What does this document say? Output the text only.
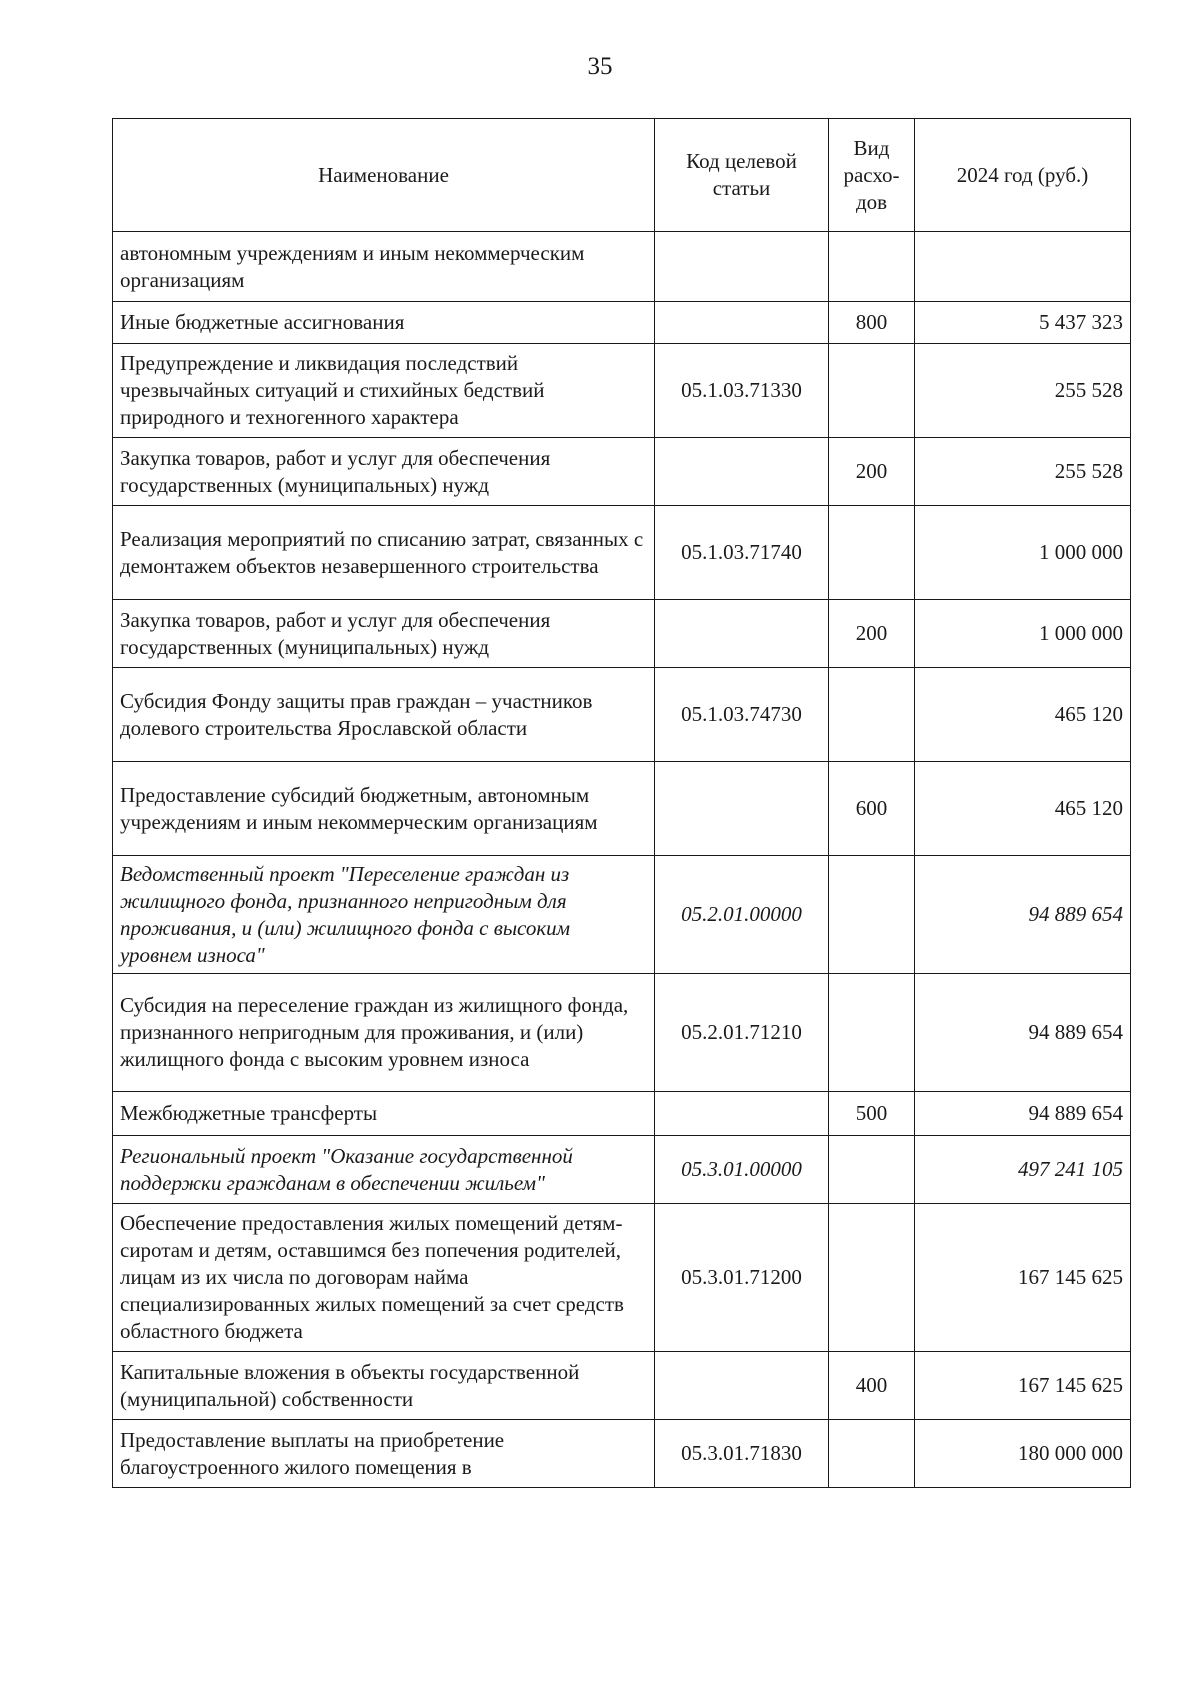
35
Наименование	Код целевой статьи	Вид расхо-дов	2024 год (руб.)
автономным учреждениям и иным некоммерческим организациям			
Иные бюджетные ассигнования		800	5 437 323
Предупреждение и ликвидация последствий чрезвычайных ситуаций и стихийных бедствий природного и техногенного характера	05.1.03.71330		255 528
Закупка товаров, работ и услуг для обеспечения государственных (муниципальных) нужд		200	255 528
Реализация мероприятий по списанию затрат, связанных с демонтажем объектов незавершенного строительства	05.1.03.71740		1 000 000
Закупка товаров, работ и услуг для обеспечения государственных (муниципальных) нужд		200	1 000 000
Субсидия Фонду защиты прав граждан – участников долевого строительства Ярославской области	05.1.03.74730		465 120
Предоставление субсидий бюджетным, автономным учреждениям и иным некоммерческим организациям		600	465 120
Ведомственный проект "Переселение граждан из жилищного фонда, признанного непригодным для проживания, и (или) жилищного фонда с высоким уровнем износа"	05.2.01.00000		94 889 654
Субсидия на переселение граждан из жилищного фонда, признанного непригодным для проживания, и (или) жилищного фонда с высоким уровнем износа	05.2.01.71210		94 889 654
Межбюджетные трансферты		500	94 889 654
Региональный проект "Оказание государственной поддержки гражданам в обеспечении жильем"	05.3.01.00000		497 241 105
Обеспечение предоставления жилых помещений детям-сиротам и детям, оставшимся без попечения родителей, лицам из их числа по договорам найма специализированных жилых помещений за счет средств областного бюджета	05.3.01.71200		167 145 625
Капитальные вложения в объекты государственной (муниципальной) собственности		400	167 145 625
Предоставление выплаты на приобретение благоустроенного жилого помещения в	05.3.01.71830		180 000 000
